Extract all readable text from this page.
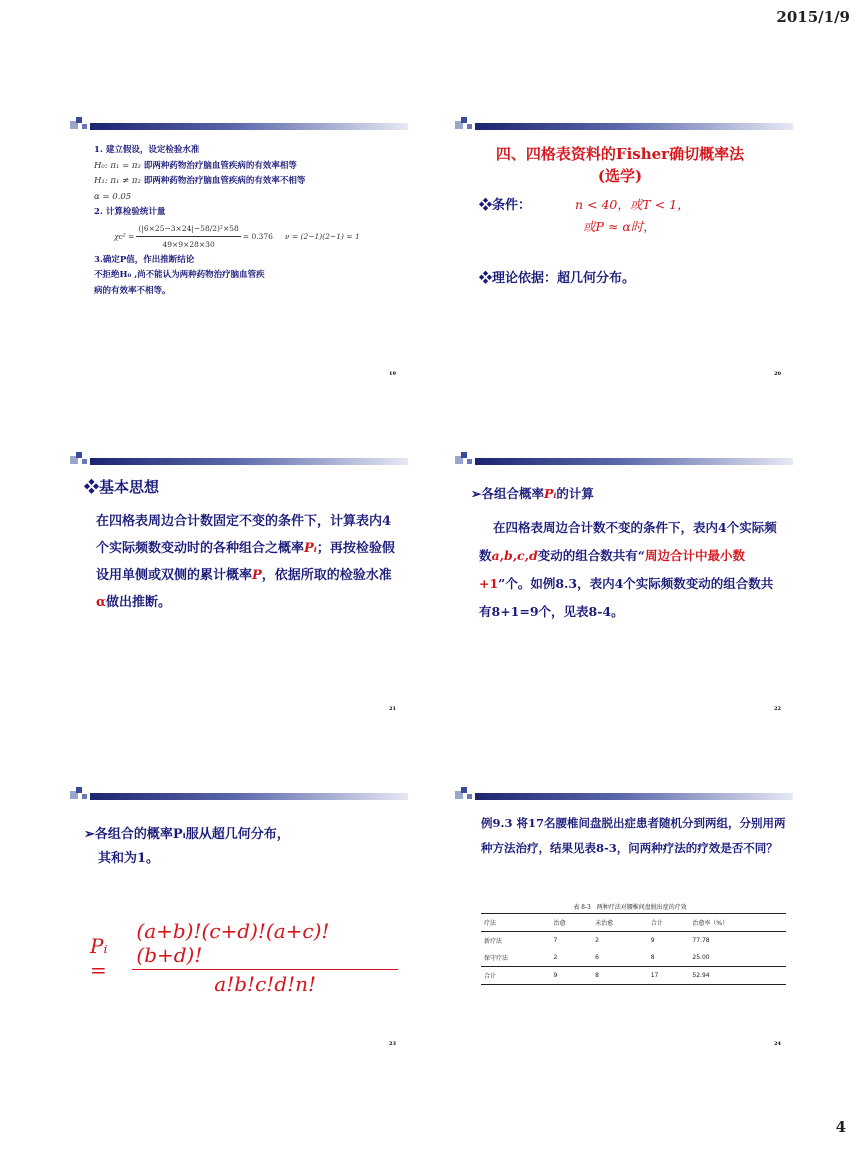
2015/1/9
1. 建立假设，设定检验水准
H₀: π₁ = π₂ 即两种药物治疗脑血管疾病的有效率相等
H₁: π₁ ≠ π₂ 即两种药物治疗脑血管疾病的有效率不相等
α = 0.05
2. 计算检验统计量
$\chi c^2 = \frac{\text{(|6×25−3×24|−58/2)²×58}}{49\times 9\times 28\times 30} = 0.376$ ν = (2−1)(2−1) = 1
3.确定P值，作出推断结论
不拒绝H₀ ,尚不能认为两种药物治疗脑血管疾
病的有效率不相等。
19
四、四格表资料的Fisher确切概率法
(选学)
❖条件：	n < 40，或T < 1，
或P ≈ α时，
❖理论依据：超几何分布。
20
❖基本思想
在四格表周边合计数固定不变的条件下，计算表内4个实际频数变动时的各种组合之概率Pᵢ；再按检验假设用单侧或双侧的累计概率P，依据所取的检验水准α做出推断。
21
➢各组合概率Pᵢ的计算
在四格表周边合计数不变的条件下，表内4个实际频数a,b,c,d变动的组合数共有“周边合计中最小数+1”个。如例8.3，表内4个实际频数变动的组合数共有8+1=9个，见表8-4。
22
➢各组合的概率Pᵢ服从超几何分布，
其和为1。
Pᵢ =	$\frac{(a+b)!(c+d)!(a+c)!(b+d)!}{a!b!c!d!n!}$
23
例9.3 将17名腰椎间盘脱出症患者随机分到两组，分别用两种方法治疗，结果见表8-3，问两种疗法的疗效是否不同？
表 8-3　两种疗法对腰椎间盘脱出症的疗效
疗法	治愈	未治愈	合计	治愈率（%）
新疗法	7	2	9	77.78
保守疗法	2	6	8	25.00
合计	9	8	17	52.94
24
4
